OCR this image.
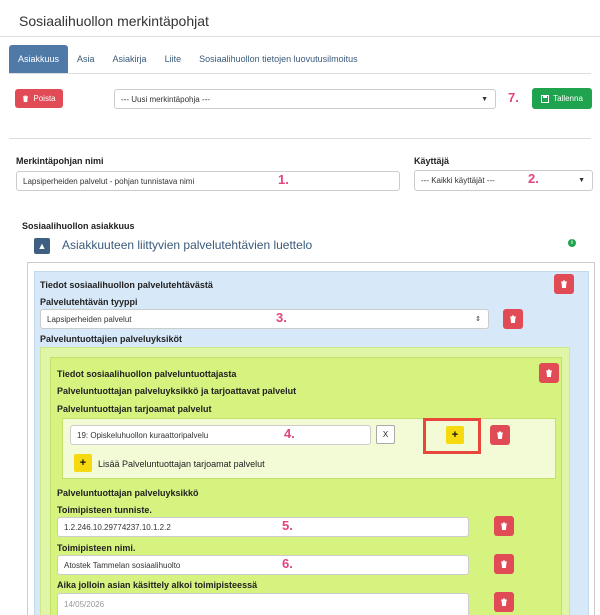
Sosiaalihuollon merkintäpohjat
Asiakkuus	Asia	Asiakirja	Liite	Sosiaalihuollon tietojen luovutusilmoitus
Poista	--- Uusi merkintäpohja ---	▼ 7.	Tallenna
Merkintäpohjan nimi
Lapsiperheiden palvelut - pohjan tunnistava nimi	1.
Käyttäjä
--- Kaikki käyttäjät ---	▼
2.
Sosiaalihuollon asiakkuus
▲ Asiakkuuteen liittyvien palvelutehtävien luettelo	i
Tiedot sosiaalihuollon palvelutehtävästä
Palvelutehtävän tyyppi
Lapsiperheiden palvelut	⇕
3.
Palveluntuottajien palveluyksiköt
Tiedot sosiaalihuollon palveluntuottajasta
Palveluntuottajan palveluyksikkö ja tarjoattavat palvelut
Palveluntuottajan tarjoamat palvelut
19: Opiskeluhuollon kuraattoripalvelu	4.	X	+
+	Lisää Palveluntuottajan tarjoamat palvelut
Palveluntuottajan palveluyksikkö
Toimipisteen tunniste.
1.2.246.10.29774237.10.1.2.2	5.
Toimipisteen nimi.
Atostek Tammelan sosiaalihuolto	6.
Aika jolloin asian käsittely alkoi toimipisteessä
14/05/2026
